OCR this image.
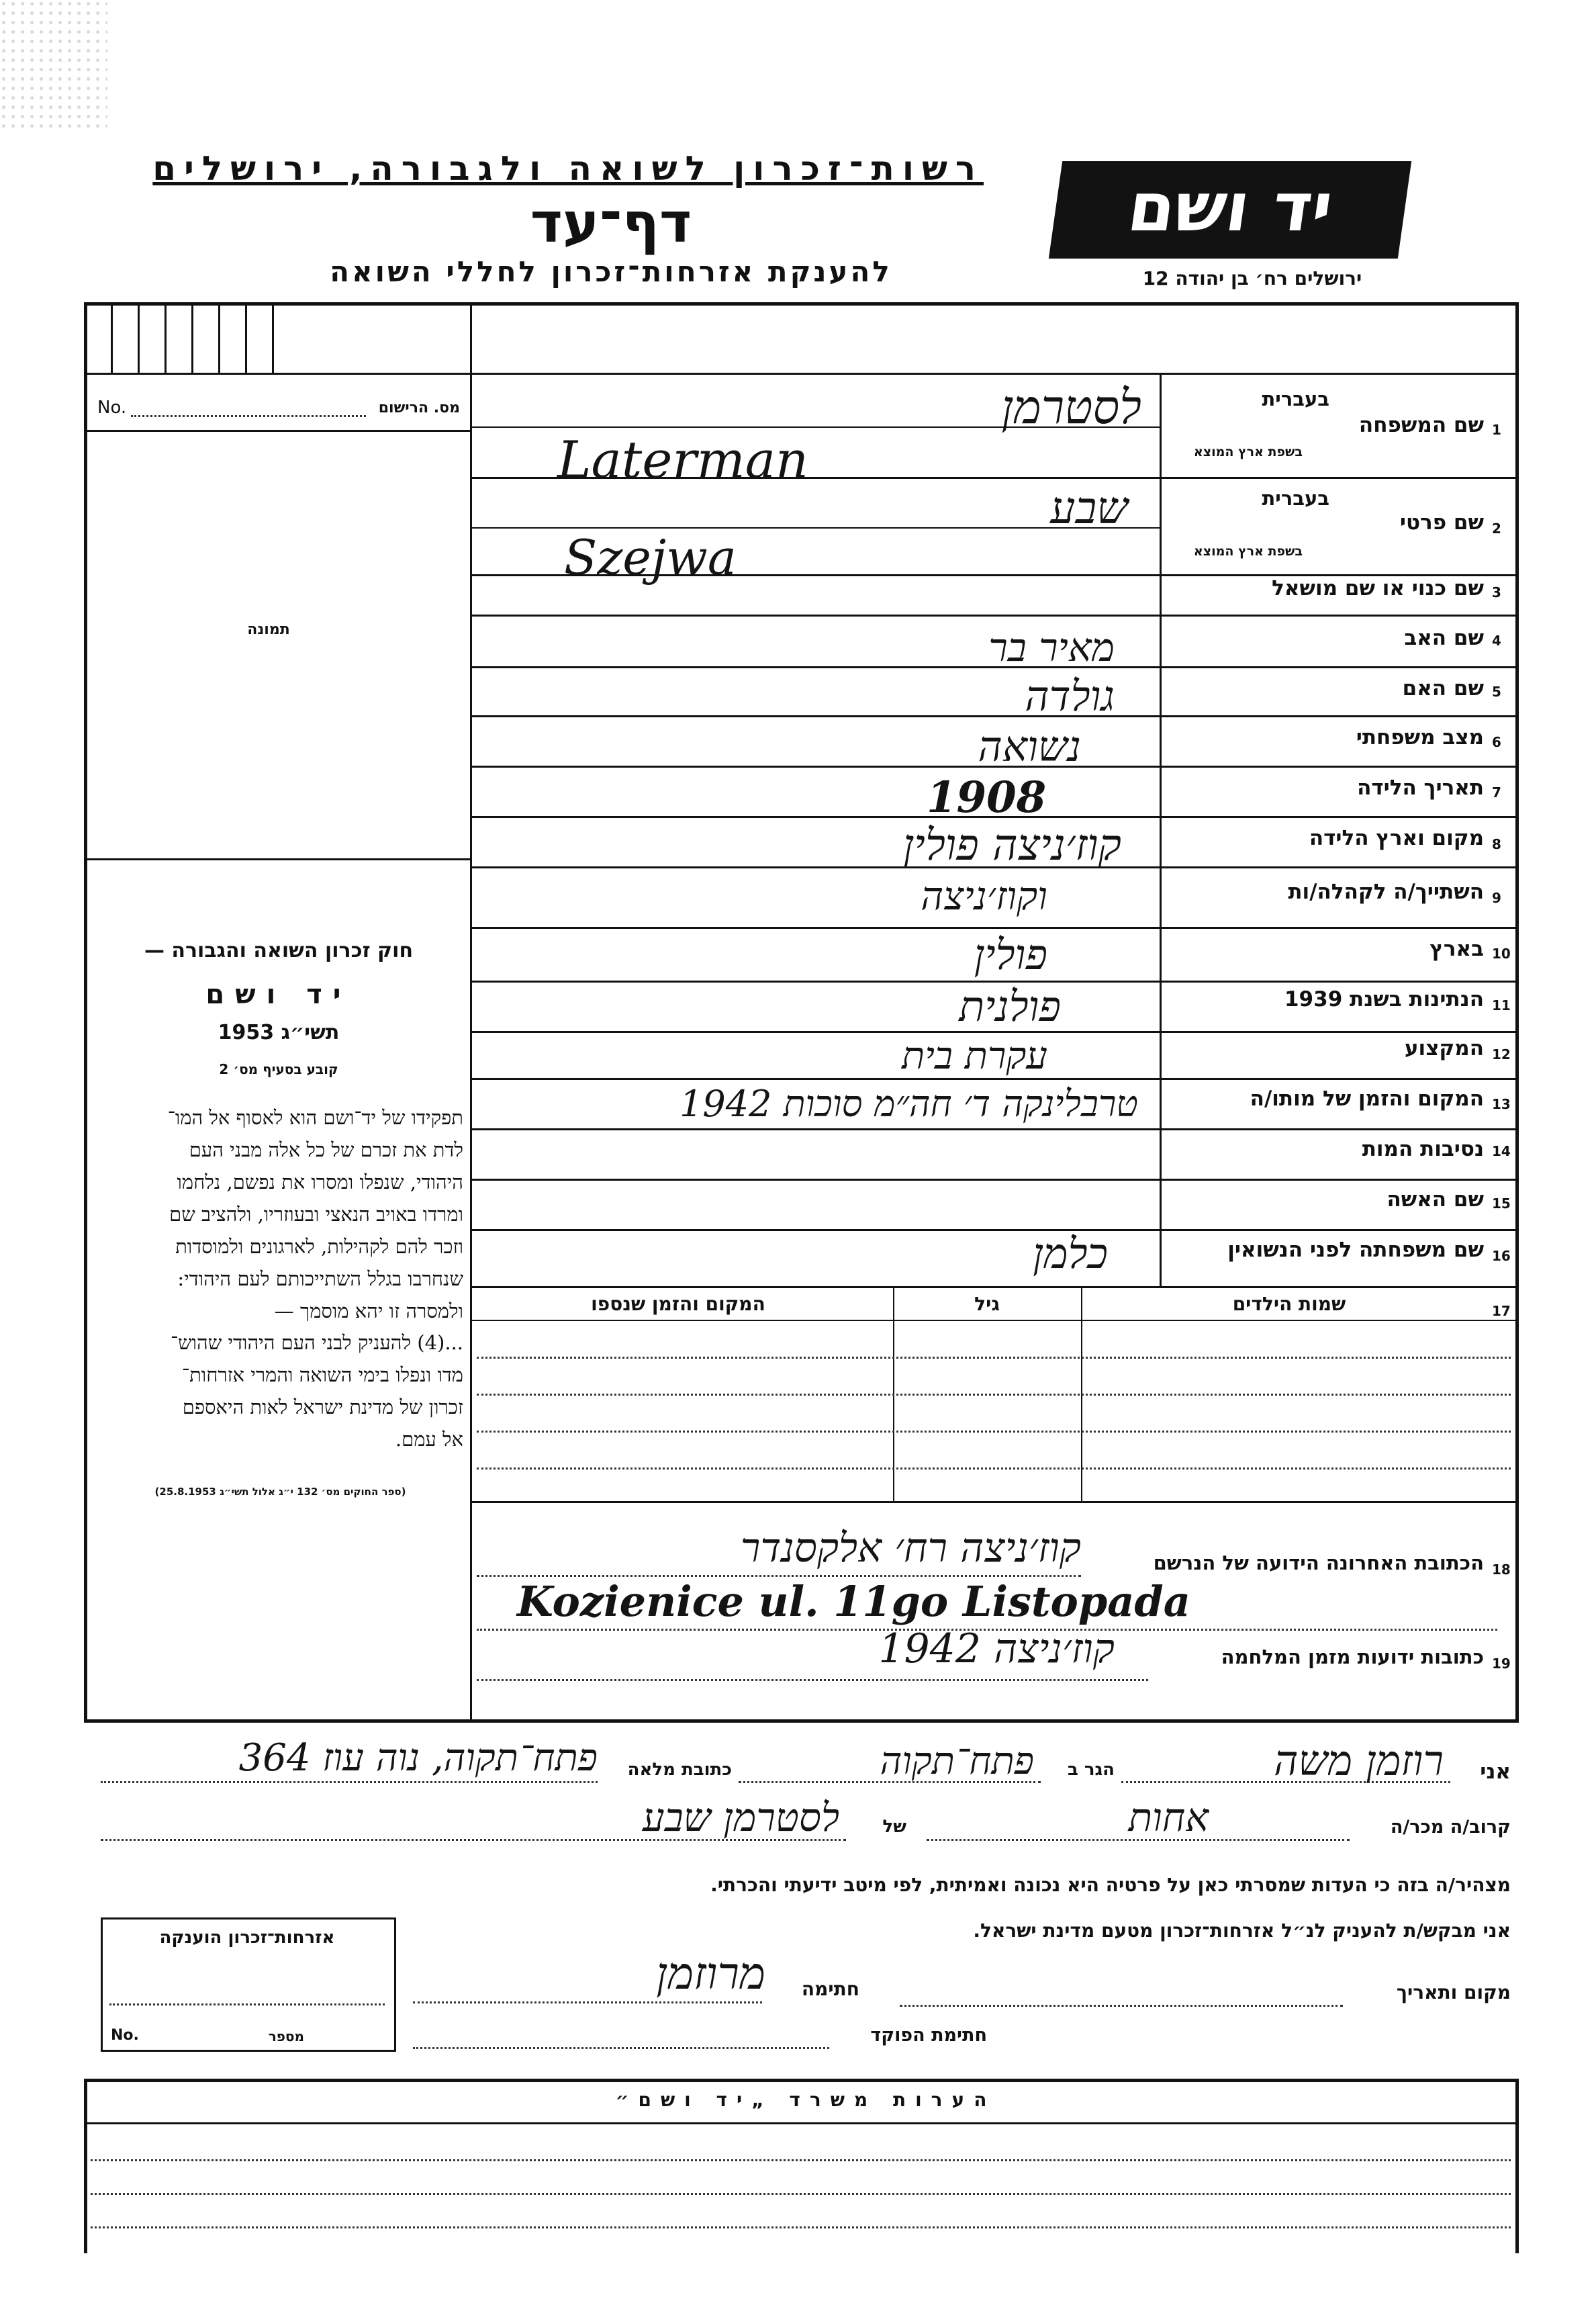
רשות־זכרון לשואה ולגבורה, ירושלים
דף־עד
להענקת אזרחות־זכרון לחללי השואה
יד ושם
ירושלים רח׳ בן יהודה 12
No.	מס. הרישום
תמונה
חוק זכרון השואה והגבורה —
יד ושם
תשי״ג 1953
קובע בסעיף מס׳ 2
תפקידו של יד־ושם הוא לאסוף אל המו־
לדת את זכרם של כל אלה מבני העם
היהודי, שנפלו ומסרו את נפשם, נלחמו
ומרדו באויב הנאצי ובעוזריו, ולהציב שם
וזכר להם לקהילות, לארגונים ולמוסדות
שנחרבו בגלל השתייכותם לעם היהודי:
ולמסרה זו יהא מוסמך —
...(4) להעניק לבני העם היהודי שהוש־
מדו ונפלו בימי השואה והמרי אזרחות־
זכרון של מדינת ישראל לאות היאספם
אל עמם.
(ספר החוקים מס׳ 132 י״ג אלול תשי״ג 25.8.1953)
1
שם המשפחה
בעברית
בשפת ארץ המוצא
לסטרמן
Laterman
2
שם פרטי
בעברית
בשפת ארץ המוצא
שבע
Szejwa
3
שם כנוי או שם מושאל
4
שם האב
מאיר בר
5
שם האם
גולדה
6
מצב משפחתי
נשואה
7
תאריך הלידה
1908
8
מקום וארץ הלידה
קוז׳ניצה פולין
9
השתייך/ה לקהלה/ות
וקוז׳ניצה
10
בארץ
פולין
11
הנתינות בשנת 1939
פולנית
12
המקצוע
עקרת בית
13
המקום והזמן של מותו/ה
טרבלינקה ד׳ חה״מ סוכות 1942
14
נסיבות המות
15
שם האשה
16
שם משפחתה לפני הנשואין
כלמן
17
שמות הילדים
גיל
המקום והזמן שנספו
18
הכתובת האחרונה הידועה של הנרשם
קוז׳ניצה רח׳ אלקסנדר
Kozienice ul. 11go Listopada
19
כתובות ידועות מזמן המלחמה
קוז׳ניצה 1942
אני
רוזמן משה
הגר ב
פתח־תקוה
כתובת מלאה
פתח־תקוה, נוה עוז 364
קרוב/ה מכר/ה
אחות
של
לסטרמן שבע
מצהיר/ה בזה כי העדות שמסרתי כאן על פרטיה היא נכונה ואמיתית, לפי מיטב ידיעתי והכרתי.
אני מבקש/ת להעניק לנ״ל אזרחות־זכרון מטעם מדינת ישראל.
אזרחות־זכרון הוענקה
No.	מספר
מקום ותאריך
חתימה
מרוזמן
חתימת הפוקד
הערות משרד „יד ושם״
